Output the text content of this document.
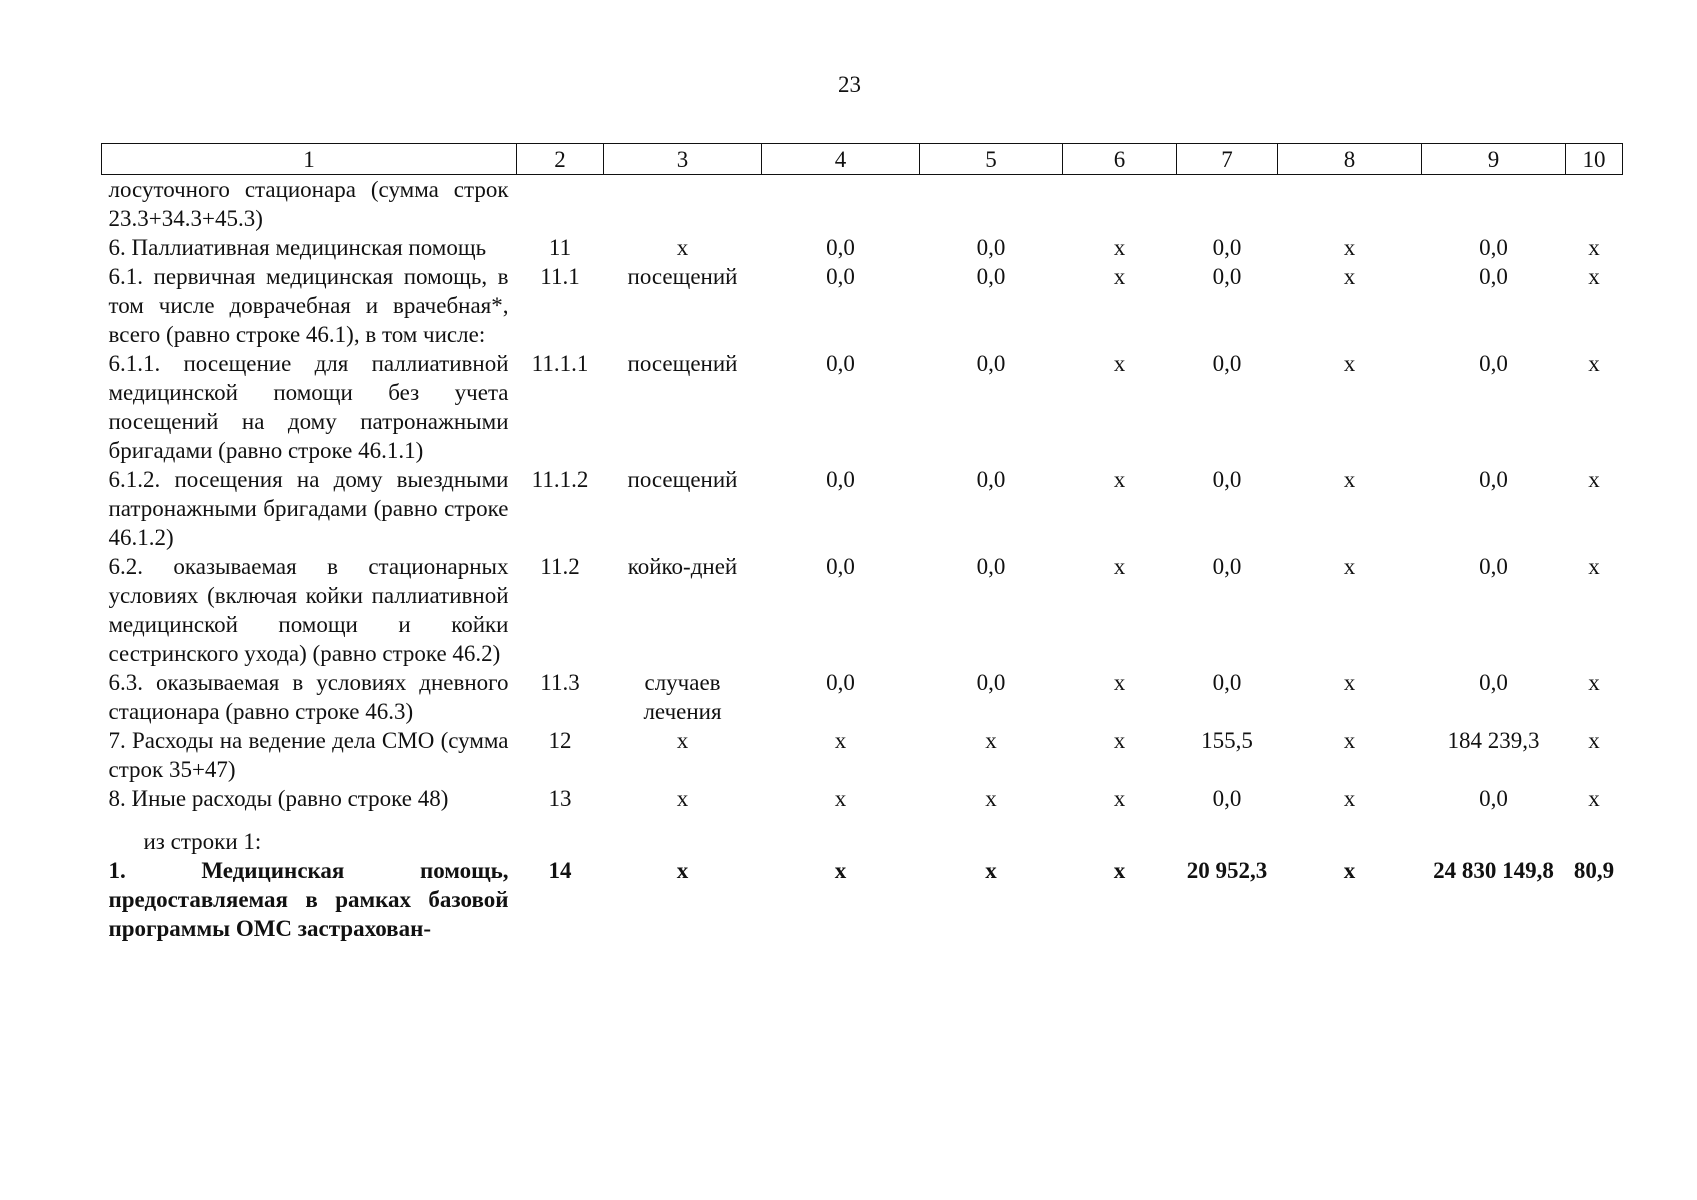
23
1	2	3	4	5	6	7	8	9	10
лосуточного стационара (сумма строк 23.3+34.3+45.3)									
6. Паллиативная медицинская помощь	11	х	0,0	0,0	х	0,0	х	0,0	х
6.1. первичная медицинская помощь, в том числе доврачебная и врачебная*, всего (равно строке 46.1), в том числе:	11.1	посещений	0,0	0,0	х	0,0	х	0,0	х
6.1.1. посещение для паллиативной медицинской помощи без учета посещений на дому патронажными бригадами (равно строке 46.1.1)	11.1.1	посещений	0,0	0,0	х	0,0	х	0,0	х
6.1.2. посещения на дому выездными патронажными бригадами (равно строке 46.1.2)	11.1.2	посещений	0,0	0,0	х	0,0	х	0,0	х
6.2. оказываемая в стационарных условиях (включая койки паллиативной медицинской помощи и койки сестринского ухода) (равно строке 46.2)	11.2	койко-дней	0,0	0,0	х	0,0	х	0,0	х
6.3. оказываемая в условиях дневного стационара (равно строке 46.3)	11.3	случаев лечения	0,0	0,0	х	0,0	х	0,0	х
7. Расходы на ведение дела СМО (сумма строк 35+47)	12	х	х	х	х	155,5	х	184 239,3	х
8. Иные расходы (равно строке 48)	13	х	х	х	х	0,0	х	0,0	х

из строки 1:									
1. Медицинская помощь, предоставляемая в рамках базовой программы ОМС застрахован-	14	х	х	х	х	20 952,3	х	24 830 149,8	80,9
